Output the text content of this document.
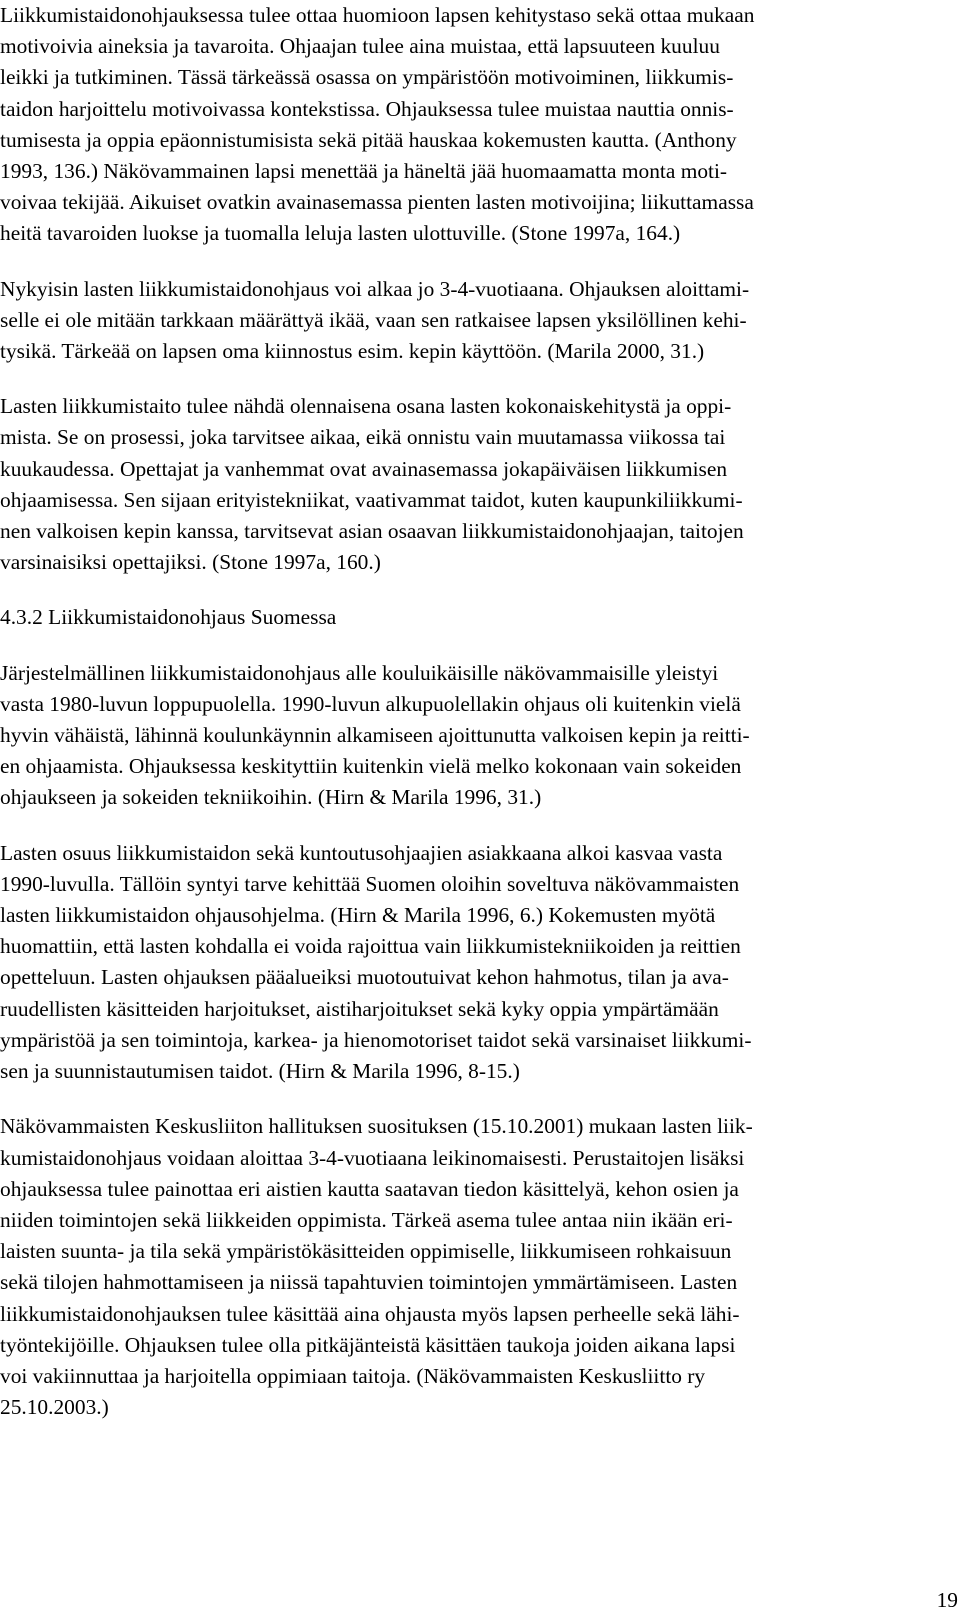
Liikkumistaidonohjauksessa tulee ottaa huomioon lapsen kehitystaso sekä ottaa mukaan
motivoivia aineksia ja tavaroita. Ohjaajan tulee aina muistaa, että lapsuuteen kuuluu
leikki ja tutkiminen. Tässä tärkeässä osassa on ympäristöön motivoiminen, liikkumis-
taidon harjoittelu motivoivassa kontekstissa. Ohjauksessa tulee muistaa nauttia onnis-
tumisesta ja oppia epäonnistumisista sekä pitää hauskaa kokemusten kautta. (Anthony
1993, 136.) Näkövammainen lapsi menettää ja häneltä jää huomaamatta monta moti-
voivaa tekijää. Aikuiset ovatkin avainasemassa pienten lasten motivoijina; liikuttamassa
heitä tavaroiden luokse ja tuomalla leluja lasten ulottuville. (Stone 1997a, 164.)

Nykyisin lasten liikkumistaidonohjaus voi alkaa jo 3-4-vuotiaana. Ohjauksen aloittami-
selle ei ole mitään tarkkaan määrättyä ikää, vaan sen ratkaisee lapsen yksilöllinen kehi-
tysikä. Tärkeää on lapsen oma kiinnostus esim. kepin käyttöön. (Marila 2000, 31.)

Lasten liikkumistaito tulee nähdä olennaisena osana lasten kokonaiskehitystä ja oppi-
mista. Se on prosessi, joka tarvitsee aikaa, eikä onnistu vain muutamassa viikossa tai
kuukaudessa. Opettajat ja vanhemmat ovat avainasemassa jokapäiväisen liikkumisen
ohjaamisessa. Sen sijaan erityistekniikat, vaativammat taidot, kuten kaupunkiliikkumi-
nen valkoisen kepin kanssa, tarvitsevat asian osaavan liikkumistaidonohjaajan, taitojen
varsinaisiksi opettajiksi. (Stone 1997a, 160.)

4.3.2 Liikkumistaidonohjaus Suomessa

Järjestelmällinen liikkumistaidonohjaus alle kouluikäisille näkövammaisille yleistyi
vasta 1980-luvun loppupuolella. 1990-luvun alkupuolellakin ohjaus oli kuitenkin vielä
hyvin vähäistä, lähinnä koulunkäynnin alkamiseen ajoittunutta valkoisen kepin ja reitti-
en ohjaamista. Ohjauksessa keskityttiin kuitenkin vielä melko kokonaan vain sokeiden
ohjaukseen ja sokeiden tekniikoihin. (Hirn & Marila 1996, 31.)

Lasten osuus liikkumistaidon sekä kuntoutusohjaajien asiakkaana alkoi kasvaa vasta
1990-luvulla. Tällöin syntyi tarve kehittää Suomen oloihin soveltuva näkövammaisten
lasten liikkumistaidon ohjausohjelma. (Hirn & Marila 1996, 6.) Kokemusten myötä
huomattiin, että lasten kohdalla ei voida rajoittua vain liikkumistekniikoiden ja reittien
opetteluun. Lasten ohjauksen pääalueiksi muotoutuivat kehon hahmotus, tilan ja ava-
ruudellisten käsitteiden harjoitukset, aistiharjoitukset sekä kyky oppia ympärtämään
ympäristöä ja sen toimintoja, karkea- ja hienomotoriset taidot sekä varsinaiset liikkumi-
sen ja suunnistautumisen taidot. (Hirn & Marila 1996, 8-15.)

Näkövammaisten Keskusliiton hallituksen suosituksen (15.10.2001) mukaan lasten liik-
kumistaidonohjaus voidaan aloittaa 3-4-vuotiaana leikinomaisesti. Perustaitojen lisäksi
ohjauksessa tulee painottaa eri aistien kautta saatavan tiedon käsittelyä, kehon osien ja
niiden toimintojen sekä liikkeiden oppimista. Tärkeä asema tulee antaa niin ikään eri-
laisten suunta- ja tila sekä ympäristökäsitteiden oppimiselle, liikkumiseen rohkaisuun
sekä tilojen hahmottamiseen ja niissä tapahtuvien toimintojen ymmärtämiseen. Lasten
liikkumistaidonohjauksen tulee käsittää aina ohjausta myös lapsen perheelle sekä lähi-
työntekijöille. Ohjauksen tulee olla pitkäjänteistä käsittäen taukoja joiden aikana lapsi
voi vakiinnuttaa ja harjoitella oppimiaan taitoja. (Näkövammaisten Keskusliitto ry
25.10.2003.)

19
